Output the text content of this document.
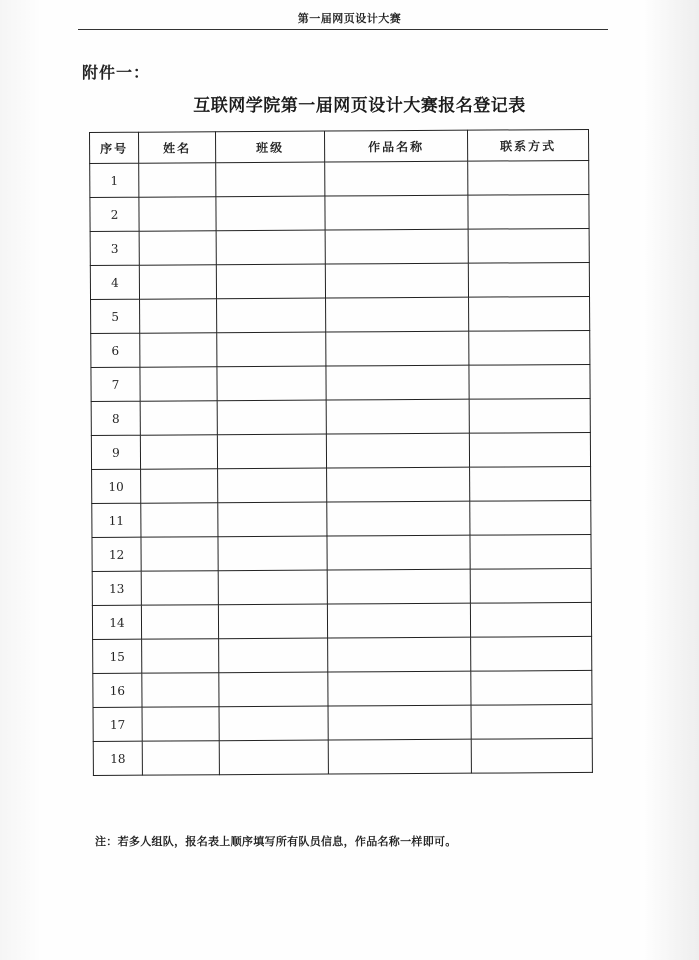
第一届网页设计大赛
附件一：
互联网学院第一届网页设计大赛报名登记表
序号	姓名	班级	作品名称	联系方式
1				
2				
3				
4				
5				
6				
7				
8				
9				
10				
11				
12				
13				
14				
15				
16				
17				
18				
注：若多人组队，报名表上顺序填写所有队员信息，作品名称一样即可。
